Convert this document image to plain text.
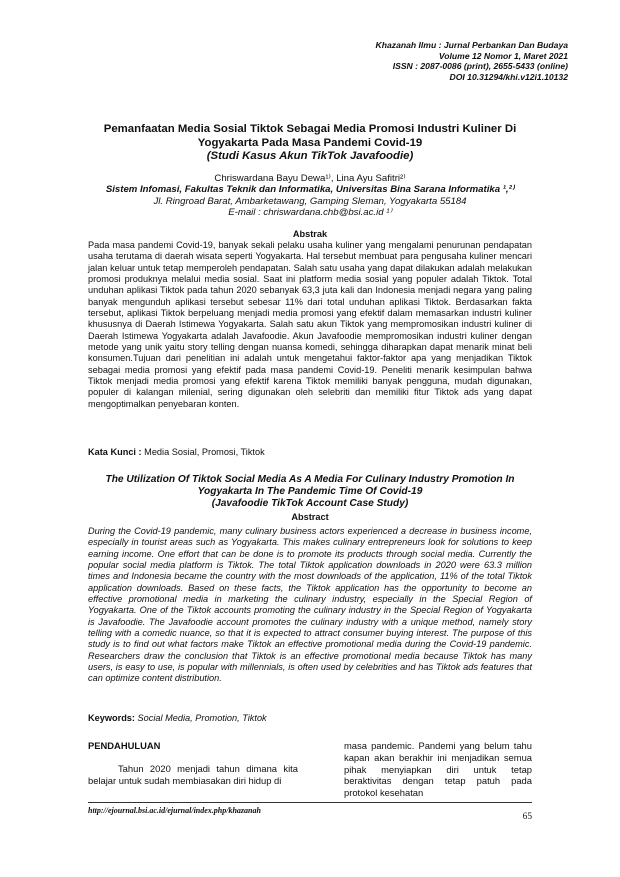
Khazanah Ilmu : Jurnal Perbankan Dan Budaya
Volume 12 Nomor 1, Maret 2021
ISSN : 2087-0086 (print), 2655-5433 (online)
DOI 10.31294/khi.v12i1.10132
Pemanfaatan Media Sosial Tiktok Sebagai Media Promosi Industri Kuliner Di
Yogyakarta Pada Masa Pandemi Covid-19
(Studi Kasus Akun TikTok Javafoodie)
Chriswardana Bayu Dewa¹⁾, Lina Ayu Safitri²⁾
Sistem Infomasi, Fakultas Teknik dan Informatika, Universitas Bina Sarana Informatika ¹,²⁾
Jl. Ringroad Barat, Ambarketawang, Gamping Sleman, Yogyakarta 55184
E-mail : chriswardana.chb@bsi.ac.id ¹⁾
Abstrak
Pada masa pandemi Covid-19, banyak sekali pelaku usaha kuliner yang mengalami penurunan pendapatan usaha terutama di daerah wisata seperti Yogyakarta. Hal tersebut membuat para pengusaha kuliner mencari jalan keluar untuk tetap memperoleh pendapatan. Salah satu usaha yang dapat dilakukan adalah melakukan promosi produknya melalui media sosial. Saat ini platform media sosial yang populer adalah Tiktok. Total unduhan aplikasi Tiktok pada tahun 2020 sebanyak 63,3 juta kali dan Indonesia menjadi negara yang paling banyak mengunduh aplikasi tersebut sebesar 11% dari total unduhan aplikasi Tiktok. Berdasarkan fakta tersebut, aplikasi Tiktok berpeluang menjadi media promosi yang efektif dalam memasarkan industri kuliner khususnya di Daerah Istimewa Yogyakarta. Salah satu akun Tiktok yang mempromosikan industri kuliner di Daerah Istimewa Yogyakarta adalah Javafoodie. Akun Javafoodie mempromosikan industri kuliner dengan metode yang unik yaitu story telling dengan nuansa komedi, sehingga diharapkan dapat menarik minat beli konsumen.Tujuan dari penelitian ini adalah untuk mengetahui faktor-faktor apa yang menjadikan Tiktok sebagai media promosi yang efektif pada masa pandemi Covid-19. Peneliti menarik kesimpulan bahwa Tiktok menjadi media promosi yang efektif karena Tiktok memiliki banyak pengguna, mudah digunakan, populer di kalangan milenial, sering digunakan oleh selebriti dan memiliki fitur Tiktok ads yang dapat mengoptimalkan penyebaran konten.
Kata Kunci : Media Sosial, Promosi, Tiktok
The Utilization Of Tiktok Social Media As A Media For Culinary Industry Promotion In
Yogyakarta In The Pandemic Time Of Covid-19
(Javafoodie TikTok Account Case Study)
Abstract
During the Covid-19 pandemic, many culinary business actors experienced a decrease in business income, especially in tourist areas such as Yogyakarta. This makes culinary entrepreneurs look for solutions to keep earning income. One effort that can be done is to promote its products through social media. Currently the popular social media platform is Tiktok. The total Tiktok application downloads in 2020 were 63.3 million times and Indonesia became the country with the most downloads of the application, 11% of the total Tiktok application downloads. Based on these facts, the Tiktok application has the opportunity to become an effective promotional media in marketing the culinary industry, especially in the Special Region of Yogyakarta. One of the Tiktok accounts promoting the culinary industry in the Special Region of Yogyakarta is Javafoodie. The Javafoodie account promotes the culinary industry with a unique method, namely story telling with a comedic nuance, so that it is expected to attract consumer buying interest. The purpose of this study is to find out what factors make Tiktok an effective promotional media during the Covid-19 pandemic. Researchers draw the conclusion that Tiktok is an effective promotional media because Tiktok has many users, is easy to use, is popular with millennials, is often used by celebrities and has Tiktok ads features that can optimize content distribution.
Keywords: Social Media, Promotion, Tiktok
PENDAHULUAN
Tahun 2020 menjadi tahun dimana kita belajar untuk sudah membiasakan diri hidup di
masa pandemic. Pandemi yang belum tahu kapan akan berakhir ini menjadikan semua pihak menyiapkan diri untuk tetap beraktivitas dengan tetap patuh pada protokol kesehatan
http://ejournal.bsi.ac.id/ejurnal/index.php/khazanah
65
